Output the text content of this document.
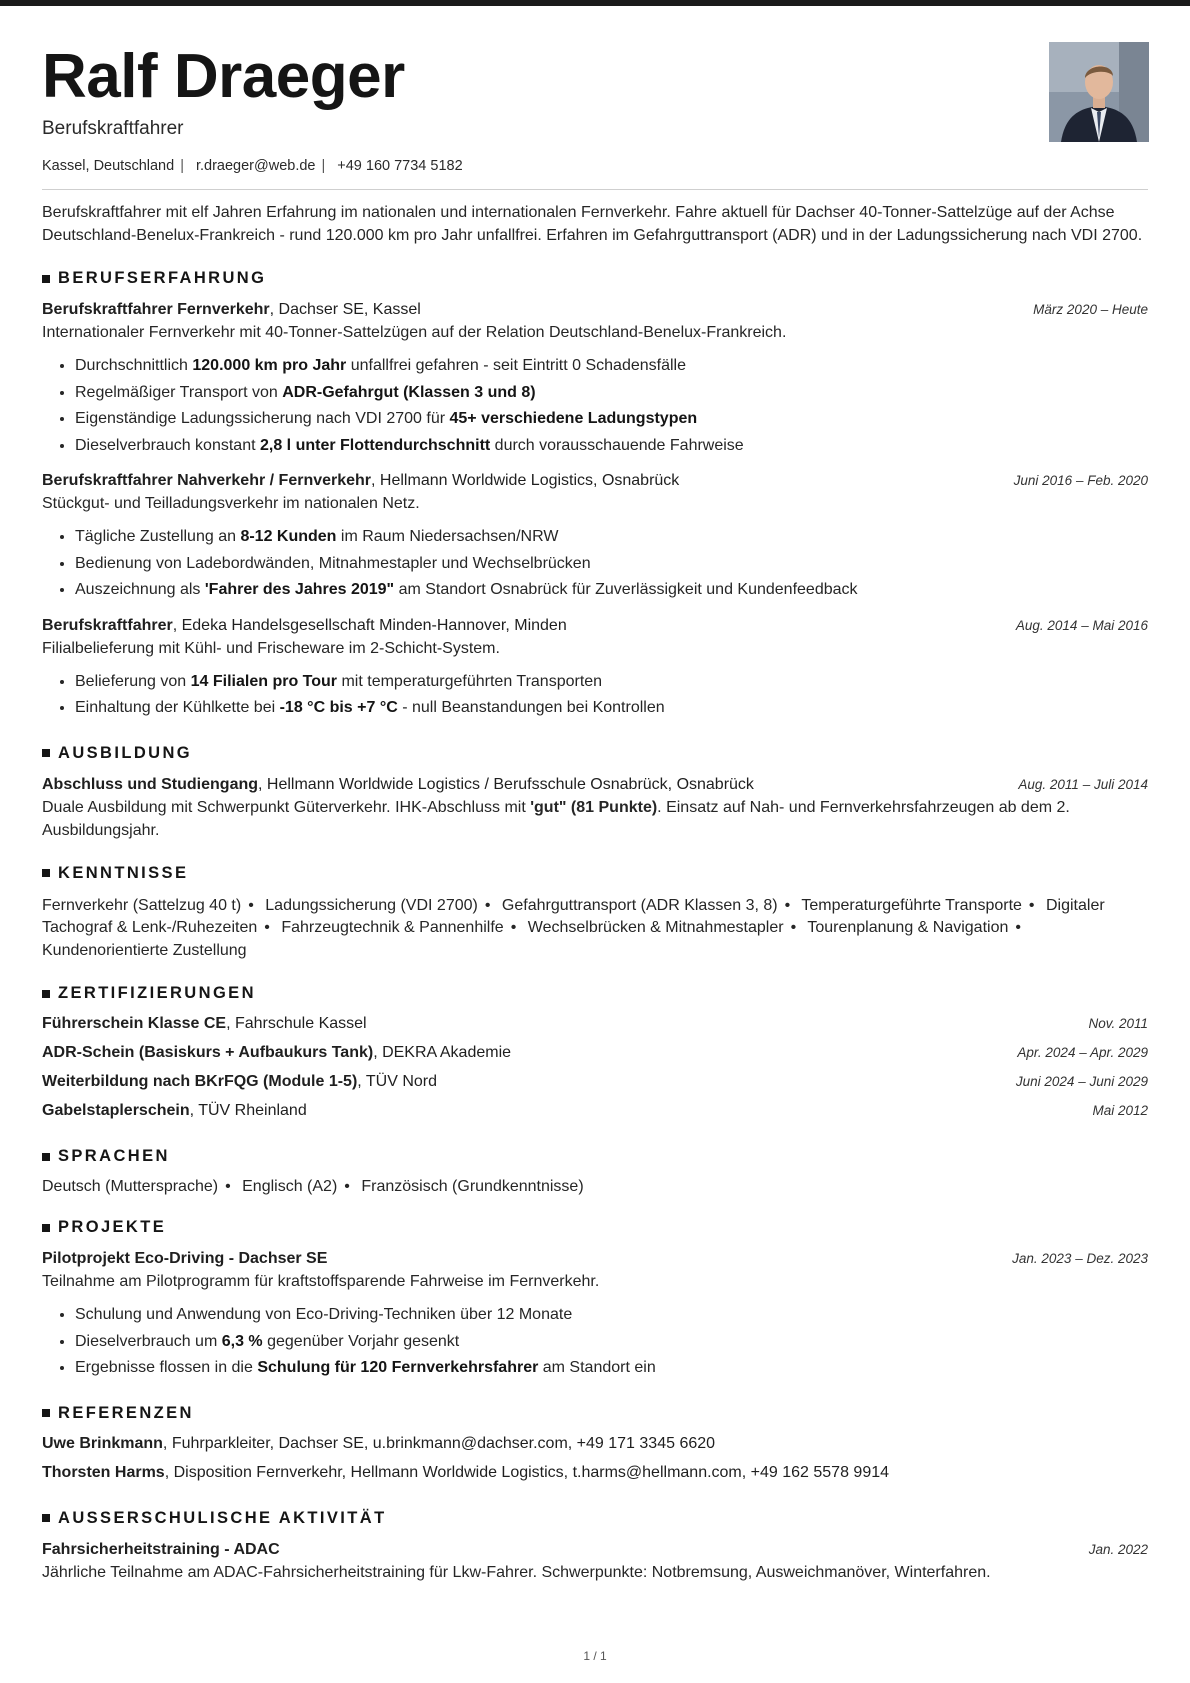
Ralf Draeger
Berufskraftfahrer
Kassel, Deutschland | r.draeger@web.de | +49 160 7734 5182
Berufskraftfahrer mit elf Jahren Erfahrung im nationalen und internationalen Fernverkehr. Fahre aktuell für Dachser 40-Tonner-Sattelzüge auf der Achse Deutschland-Benelux-Frankreich - rund 120.000 km pro Jahr unfallfrei. Erfahren im Gefahrguttransport (ADR) und in der Ladungssicherung nach VDI 2700.
BERUFSERFAHRUNG
Berufskraftfahrer Fernverkehr, Dachser SE, Kassel	März 2020 – Heute
Internationaler Fernverkehr mit 40-Tonner-Sattelzügen auf der Relation Deutschland-Benelux-Frankreich.
• Durchschnittlich 120.000 km pro Jahr unfallfrei gefahren - seit Eintritt 0 Schadensfälle
• Regelmäßiger Transport von ADR-Gefahrgut (Klassen 3 und 8)
• Eigenständige Ladungssicherung nach VDI 2700 für 45+ verschiedene Ladungstypen
• Dieselverbrauch konstant 2,8 l unter Flottendurchschnitt durch vorausschauende Fahrweise
Berufskraftfahrer Nahverkehr / Fernverkehr, Hellmann Worldwide Logistics, Osnabrück	Juni 2016 – Feb. 2020
Stückgut- und Teilladungsverkehr im nationalen Netz.
• Tägliche Zustellung an 8-12 Kunden im Raum Niedersachsen/NRW
• Bedienung von Ladebordwänden, Mitnahmestapler und Wechselbrücken
• Auszeichnung als 'Fahrer des Jahres 2019" am Standort Osnabrück für Zuverlässigkeit und Kundenfeedback
Berufskraftfahrer, Edeka Handelsgesellschaft Minden-Hannover, Minden	Aug. 2014 – Mai 2016
Filialbelieferung mit Kühl- und Frischeware im 2-Schicht-System.
• Belieferung von 14 Filialen pro Tour mit temperaturgeführten Transporten
• Einhaltung der Kühlkette bei -18 °C bis +7 °C - null Beanstandungen bei Kontrollen
AUSBILDUNG
Abschluss und Studiengang, Hellmann Worldwide Logistics / Berufsschule Osnabrück, Osnabrück	Aug. 2011 – Juli 2014
Duale Ausbildung mit Schwerpunkt Güterverkehr. IHK-Abschluss mit 'gut" (81 Punkte). Einsatz auf Nah- und Fernverkehrsfahrzeugen ab dem 2. Ausbildungsjahr.
KENNTNISSE
Fernverkehr (Sattelzug 40 t) • Ladungssicherung (VDI 2700) • Gefahrguttransport (ADR Klassen 3, 8) • Temperaturgeführte Transporte • Digitaler Tachograf & Lenk-/Ruhezeiten • Fahrzeugtechnik & Pannenhilfe • Wechselbrücken & Mitnahmestapler • Tourenplanung & Navigation • Kundenorientierte Zustellung
ZERTIFIZIERUNGEN
Führerschein Klasse CE, Fahrschule Kassel	Nov. 2011
ADR-Schein (Basiskurs + Aufbaukurs Tank), DEKRA Akademie	Apr. 2024 – Apr. 2029
Weiterbildung nach BKrFQG (Module 1-5), TÜV Nord	Juni 2024 – Juni 2029
Gabelstaplerschein, TÜV Rheinland	Mai 2012
SPRACHEN
Deutsch (Muttersprache) • Englisch (A2) • Französisch (Grundkenntnisse)
PROJEKTE
Pilotprojekt Eco-Driving - Dachser SE	Jan. 2023 – Dez. 2023
Teilnahme am Pilotprogramm für kraftstoffsparende Fahrweise im Fernverkehr.
• Schulung und Anwendung von Eco-Driving-Techniken über 12 Monate
• Dieselverbrauch um 6,3 % gegenüber Vorjahr gesenkt
• Ergebnisse flossen in die Schulung für 120 Fernverkehrsfahrer am Standort ein
REFERENZEN
Uwe Brinkmann, Fuhrparkleiter, Dachser SE, u.brinkmann@dachser.com, +49 171 3345 6620
Thorsten Harms, Disposition Fernverkehr, Hellmann Worldwide Logistics, t.harms@hellmann.com, +49 162 5578 9914
AUSSERSCHULISCHE AKTIVITÄT
Fahrsicherheitstraining - ADAC	Jan. 2022
Jährliche Teilnahme am ADAC-Fahrsicherheitstraining für Lkw-Fahrer. Schwerpunkte: Notbremsung, Ausweichmanöver, Winterfahren.
1 / 1
